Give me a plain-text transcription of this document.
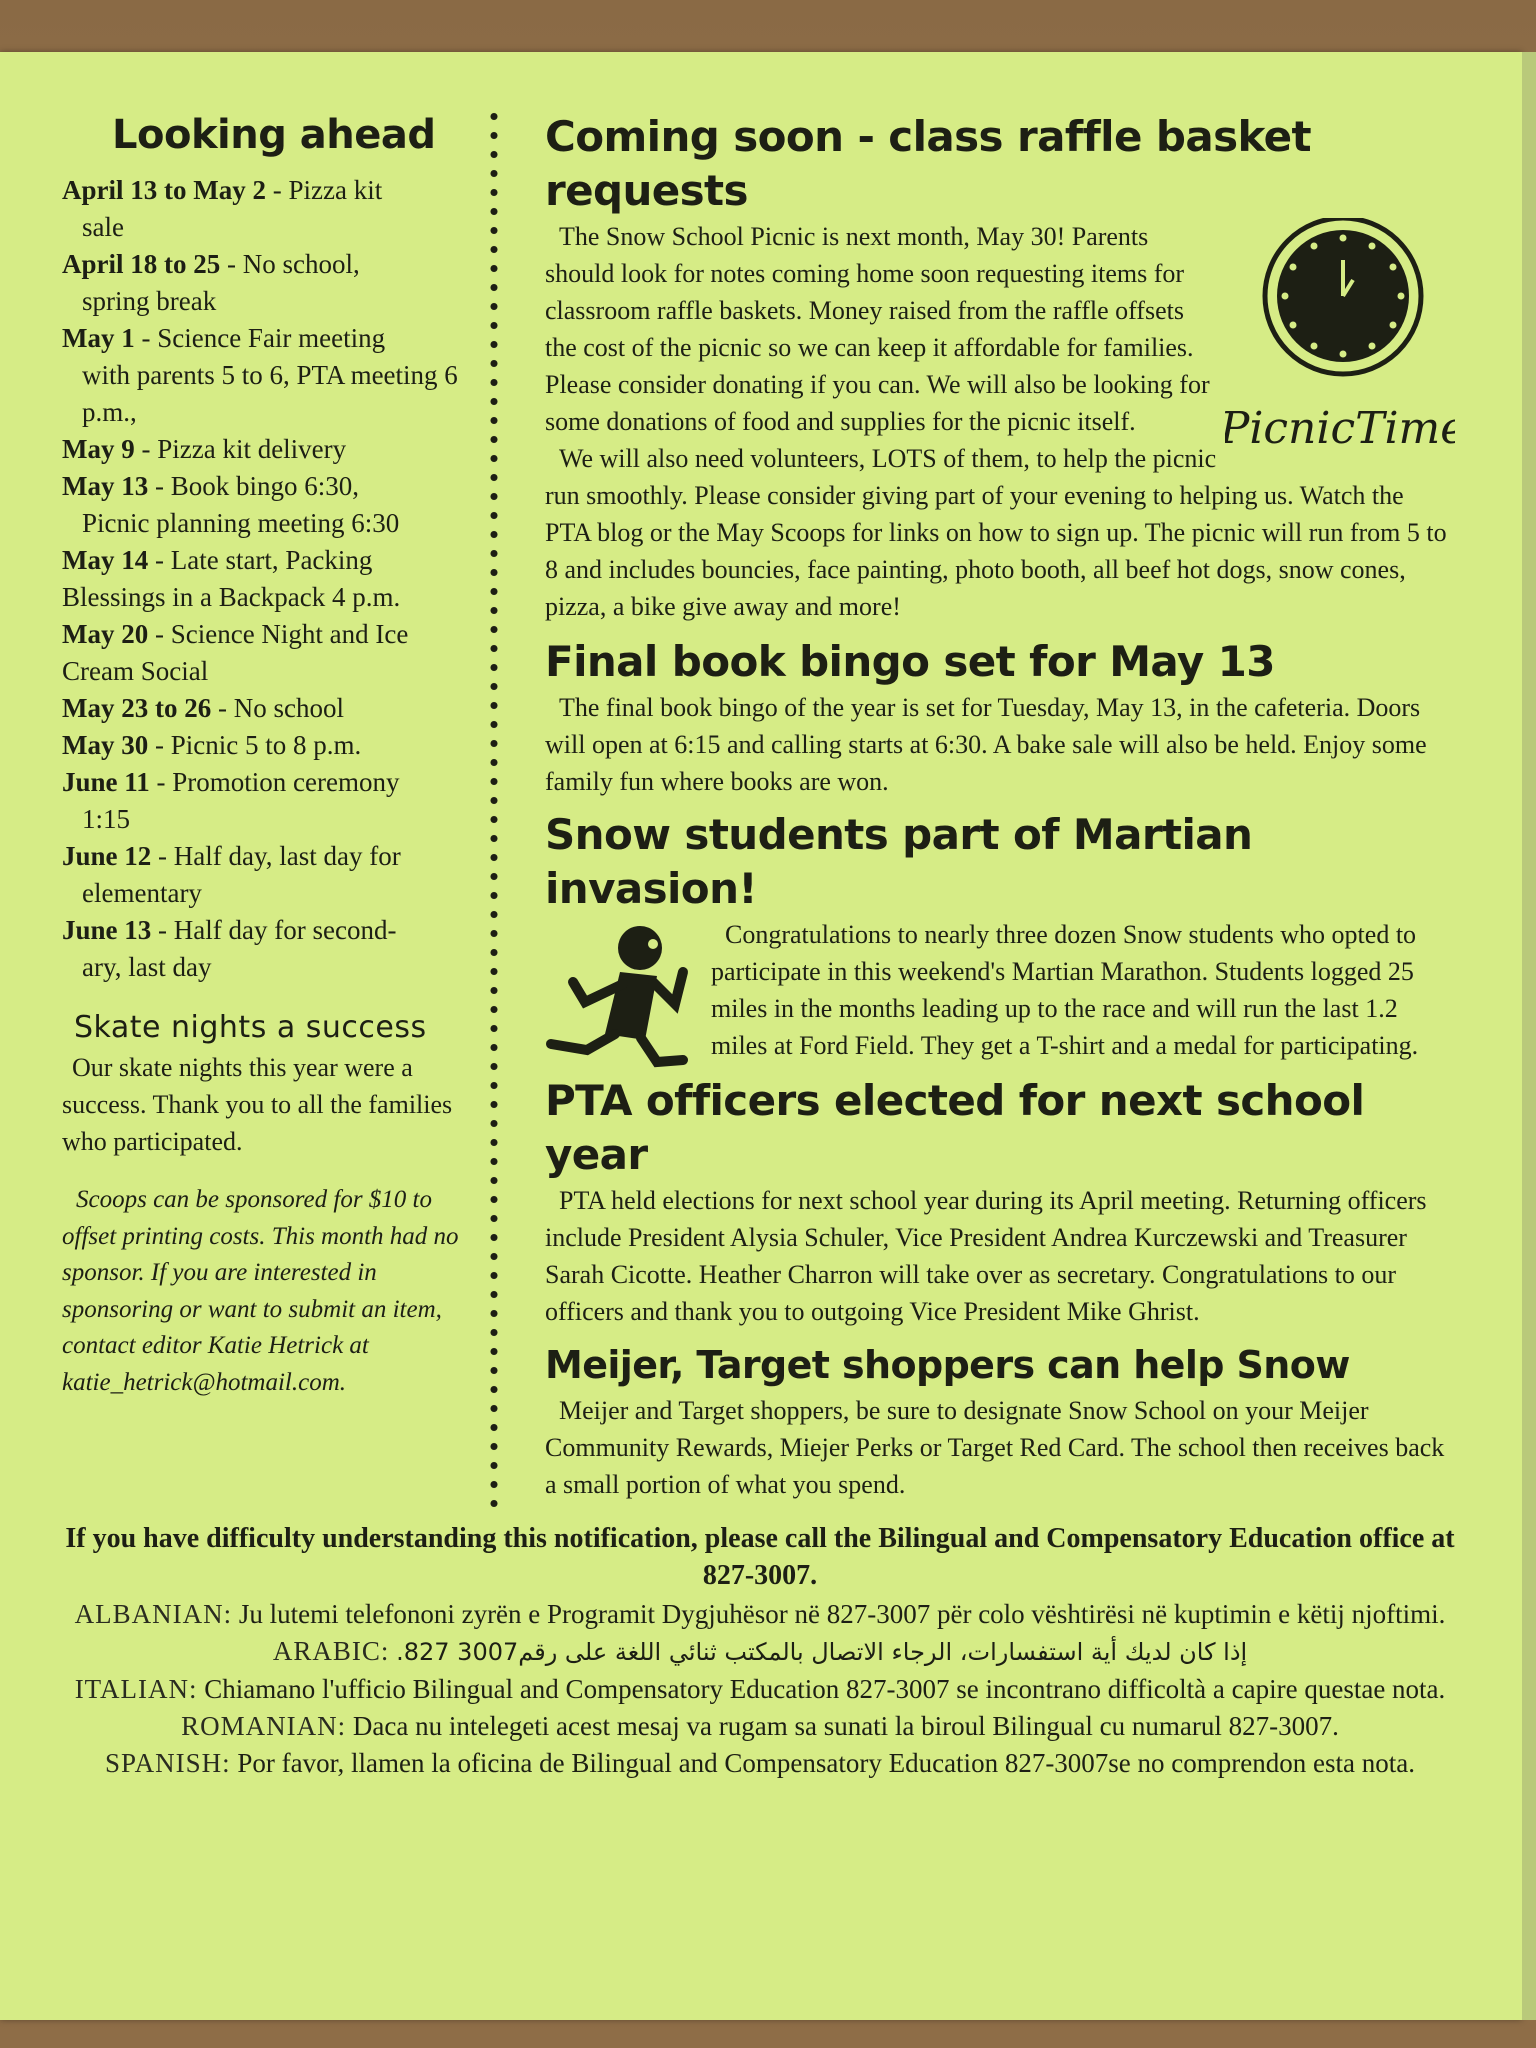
Looking ahead

April 13 to May 2 - Pizza kit
sale

April 18 to 25 - No school,
spring break

May 1 - Science Fair meeting
with parents 5 to 6, PTA meeting 6 p.m.,

May 9 - Pizza kit delivery

May 13 - Book bingo 6:30,
Picnic planning meeting 6:30

May 14 - Late start, Packing Blessings in a Backpack 4 p.m.

May 20 - Science Night and Ice Cream Social

May 23 to 26 - No school

May 30 - Picnic 5 to 8 p.m.

June 11 - Promotion ceremony
1:15

June 12 - Half day, last day for
elementary

June 13 - Half day for second-
ary, last day

Skate nights a success

Our skate nights this year were a success. Thank you to all the families who participated.

Scoops can be sponsored for $10 to offset printing costs. This month had no sponsor. If you are interested in sponsoring or want to submit an item, contact editor Katie Hetrick at katie_hetrick@hotmail.com.

Coming soon - class raffle basket requests
PicnicTime

The Snow School Picnic is next month, May 30! Parents should look for notes coming home soon requesting items for classroom raffle baskets. Money raised from the raffle offsets the cost of the picnic so we can keep it affordable for families. Please consider donating if you can. We will also be looking for some donations of food and supplies for the picnic itself.

We will also need volunteers, LOTS of them, to help the picnic run smoothly. Please consider giving part of your evening to helping us. Watch the PTA blog or the May Scoops for links on how to sign up. The picnic will run from 5 to 8 and includes bouncies, face painting, photo booth, all beef hot dogs, snow cones, pizza, a bike give away and more!

Final book bingo set for May 13

The final book bingo of the year is set for Tuesday, May 13, in the cafeteria. Doors will open at 6:15 and calling starts at 6:30. A bake sale will also be held. Enjoy some family fun where books are won.

Snow students part of Martian invasion!

Congratulations to nearly three dozen Snow students who opted to participate in this weekend's Martian Marathon. Students logged 25 miles in the months leading up to the race and will run the last 1.2 miles at Ford Field. They get a T-shirt and a medal for participating.

PTA officers elected for next school year

PTA held elections for next school year during its April meeting. Returning officers include President Alysia Schuler, Vice President Andrea Kurczewski and Treasurer Sarah Cicotte. Heather Charron will take over as secretary. Congratulations to our officers and thank you to outgoing Vice President Mike Ghrist.

Meijer, Target shoppers can help Snow

Meijer and Target shoppers, be sure to designate Snow School on your Meijer Community Rewards, Miejer Perks or Target Red Card. The school then receives back a small portion of what you spend.

If you have difficulty understanding this notification, please call the Bilingual and Compensatory Education office at 827-3007.

ALBANIAN: Ju lutemi telefononi zyrën e Programit Dygjuhësor në 827-3007 për colo vështirësi në kuptimin e këtij njoftimi.

ARABIC: .827 3007إذا كان لديك أية استفسارات، الرجاء الاتصال بالمكتب ثنائي اللغة على رقم

ITALIAN: Chiamano l'ufficio Bilingual and Compensatory Education 827-3007 se incontrano difficoltà a capire questae nota.

ROMANIAN: Daca nu intelegeti acest mesaj va rugam sa sunati la biroul Bilingual cu numarul 827-3007.

SPANISH: Por favor, llamen la oficina de Bilingual and Compensatory Education 827-3007se no comprendon esta nota.
